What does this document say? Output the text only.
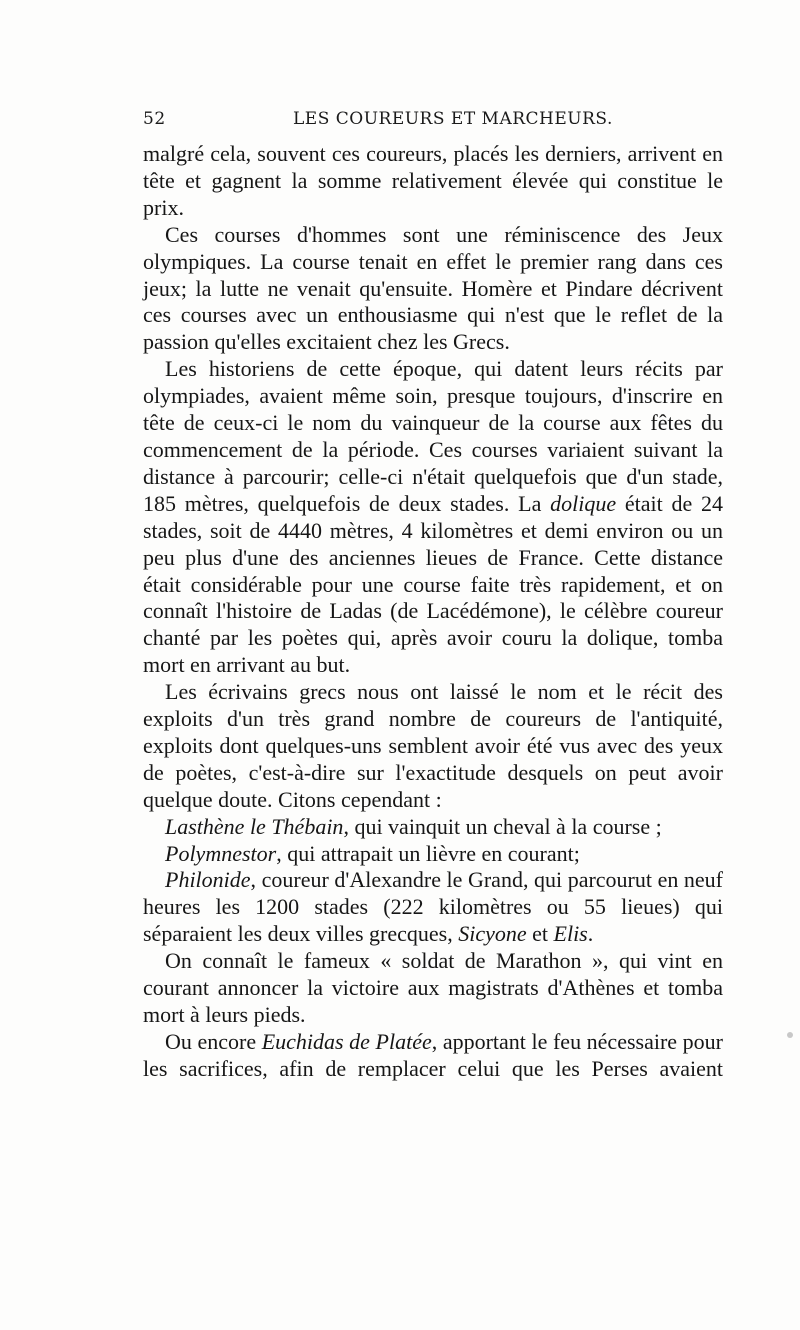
52	LES COUREURS ET MARCHEURS.

malgré cela, souvent ces coureurs, placés les derniers, arrivent en tête et gagnent la somme relativement élevée qui constitue le prix.

Ces courses d'hommes sont une réminiscence des Jeux olympiques. La course tenait en effet le premier rang dans ces jeux; la lutte ne venait qu'ensuite. Homère et Pindare décrivent ces courses avec un enthousiasme qui n'est que le reflet de la passion qu'elles excitaient chez les Grecs.

Les historiens de cette époque, qui datent leurs récits par olympiades, avaient même soin, presque toujours, d'inscrire en tête de ceux-ci le nom du vainqueur de la course aux fêtes du commencement de la période. Ces courses variaient suivant la distance à parcourir; celle-ci n'était quelquefois que d'un stade, 185 mètres, quelquefois de deux stades. La dolique était de 24 stades, soit de 4440 mètres, 4 kilomètres et demi environ ou un peu plus d'une des anciennes lieues de France. Cette distance était considérable pour une course faite très rapidement, et on connaît l'histoire de Ladas (de Lacédémone), le célèbre coureur chanté par les poètes qui, après avoir couru la dolique, tomba mort en arrivant au but.

Les écrivains grecs nous ont laissé le nom et le récit des exploits d'un très grand nombre de coureurs de l'antiquité, exploits dont quelques-uns semblent avoir été vus avec des yeux de poètes, c'est-à-dire sur l'exactitude desquels on peut avoir quelque doute. Citons cependant :

Lasthène le Thébain, qui vainquit un cheval à la course ;

Polymnestor, qui attrapait un lièvre en courant;

Philonide, coureur d'Alexandre le Grand, qui parcourut en neuf heures les 1200 stades (222 kilomètres ou 55 lieues) qui séparaient les deux villes grecques, Sicyone et Elis.

On connaît le fameux « soldat de Marathon », qui vint en courant annoncer la victoire aux magistrats d'Athènes et tomba mort à leurs pieds.

Ou encore Euchidas de Platée, apportant le feu nécessaire pour les sacrifices, afin de remplacer celui que les Perses avaient
